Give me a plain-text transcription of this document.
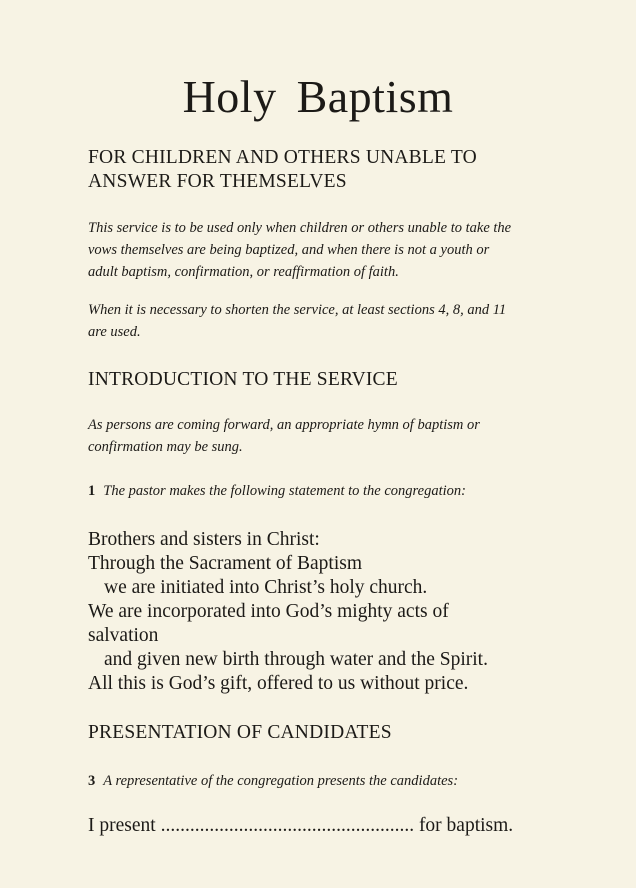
Holy Baptism
FOR CHILDREN AND OTHERS UNABLE TO
ANSWER FOR THEMSELVES
This service is to be used only when children or others unable to take the
vows themselves are being baptized, and when there is not a youth or
adult baptism, confirmation, or reaffirmation of faith.
When it is necessary to shorten the service, at least sections 4, 8, and 11
are used.
INTRODUCTION TO THE SERVICE
As persons are coming forward, an appropriate hymn of baptism or
confirmation may be sung.
1 The pastor makes the following statement to the congregation:
Brothers and sisters in Christ:
Through the Sacrament of Baptism
we are initiated into Christ’s holy church.
We are incorporated into God’s mighty acts of
salvation
and given new birth through water and the Spirit.
All this is God’s gift, offered to us without price.
PRESENTATION OF CANDIDATES
3 A representative of the congregation presents the candidates:
I present .................................................... for baptism.
